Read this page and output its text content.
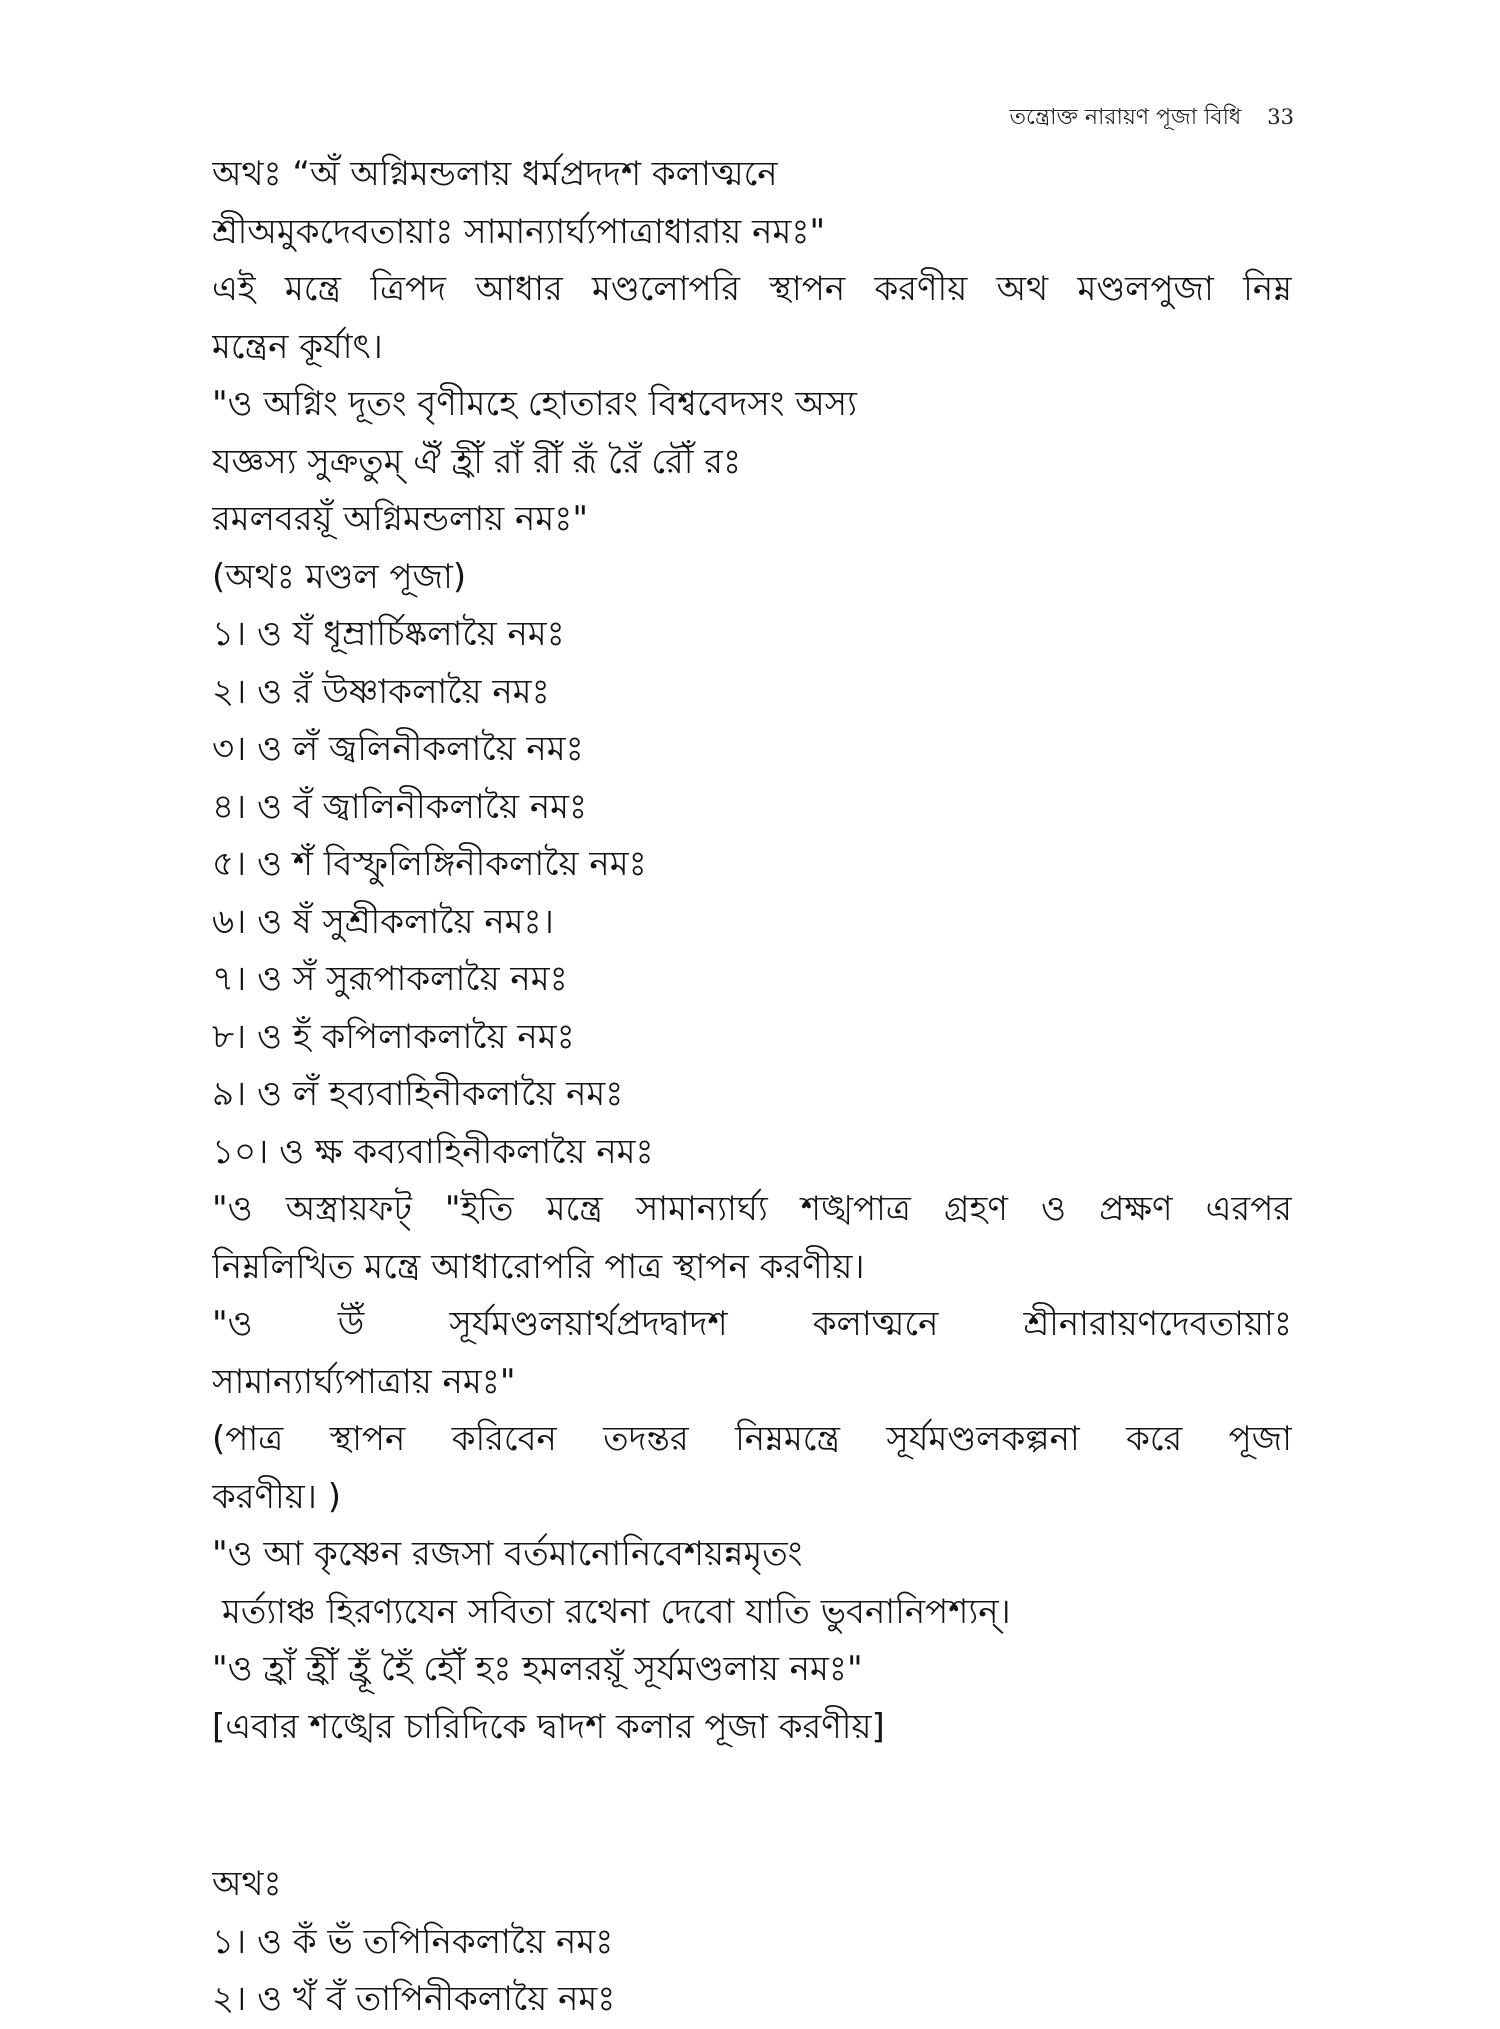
তন্ত্রোক্ত নারায়ণ পূজা বিধি 33
অথঃ “অঁ অগ্নিমন্ডলায় ধর্মপ্রদদশ কলাত্মনে
শ্রীঅমুকদেবতায়াঃ সামান্যার্ঘ্যপাত্রাধারায় নমঃ"
এই মন্ত্রে ত্রিপদ আধার মণ্ডলোপরি স্থাপন করণীয় অথ মণ্ডলপুজা নিম্ন
মন্ত্রেন কূর্যাৎ।
"ও অগ্নিং দূতং বৃণীমহে হোতারং বিশ্ববেদসং অস্য
যজ্ঞস্য সুক্রতুম্ ঐঁ হ্রীঁ রাঁ রীঁ রূঁ রৈঁ রৌঁ রঃ
রমলবরয়ূঁ অগ্নিমন্ডলায় নমঃ"
(অথঃ মণ্ডল পূজা)
১। ও যঁ ধূম্রার্চিষ্কলায়ৈ নমঃ
২। ও রঁ উষ্ণাকলায়ৈ নমঃ
৩। ও লঁ জ্বলিনীকলায়ৈ নমঃ
৪। ও বঁ জ্বালিনীকলায়ৈ নমঃ
৫। ও শঁ বিস্ফুলিঙ্গিনীকলায়ৈ নমঃ
৬। ও ষঁ সুশ্রীকলায়ৈ নমঃ।
৭। ও সঁ সুরূপাকলায়ৈ নমঃ
৮। ও হঁ কপিলাকলায়ৈ নমঃ
৯। ও লঁ হব্যবাহিনীকলায়ৈ নমঃ
১০। ও ক্ষ কব্যবাহিনীকলায়ৈ নমঃ
"ও অস্ত্রায়ফট্ "ইতি মন্ত্রে সামান্যার্ঘ্য শঙ্খপাত্র গ্রহণ ও প্রক্ষণ এরপর
নিম্নলিখিত মন্ত্রে আধারোপরি পাত্র স্থাপন করণীয়।
"ও উঁ সূর্যমণ্ডলয়ার্থপ্রদদ্বাদশ কলাত্মনে শ্রীনারায়ণদেবতায়াঃ
সামান্যার্ঘ্যপাত্রায় নমঃ"
(পাত্র স্থাপন করিবেন তদন্তর নিম্নমন্ত্রে সূর্যমণ্ডলকল্পনা করে পূজা
করণীয়। )
"ও আ কৃষ্ণেন রজসা বর্তমানোনিবেশয়ন্নমৃতং
মর্ত্যাঞ্চ হিরণ্যযেন সবিতা রথেনা দেবো যাতি ভুবনানিপশ্যন্।
"ও হ্রাঁ হ্রীঁ হ্রূঁ হৈঁ হৌঁ হঃ হমলরয়ূঁ সূর্যমণ্ডলায় নমঃ"
[এবার শঙ্খের চারিদিকে দ্বাদশ কলার পূজা করণীয়]
অথঃ
১। ও কঁ ভঁ তপিনিকলায়ৈ নমঃ
২। ও খঁ বঁ তাপিনীকলায়ৈ নমঃ
